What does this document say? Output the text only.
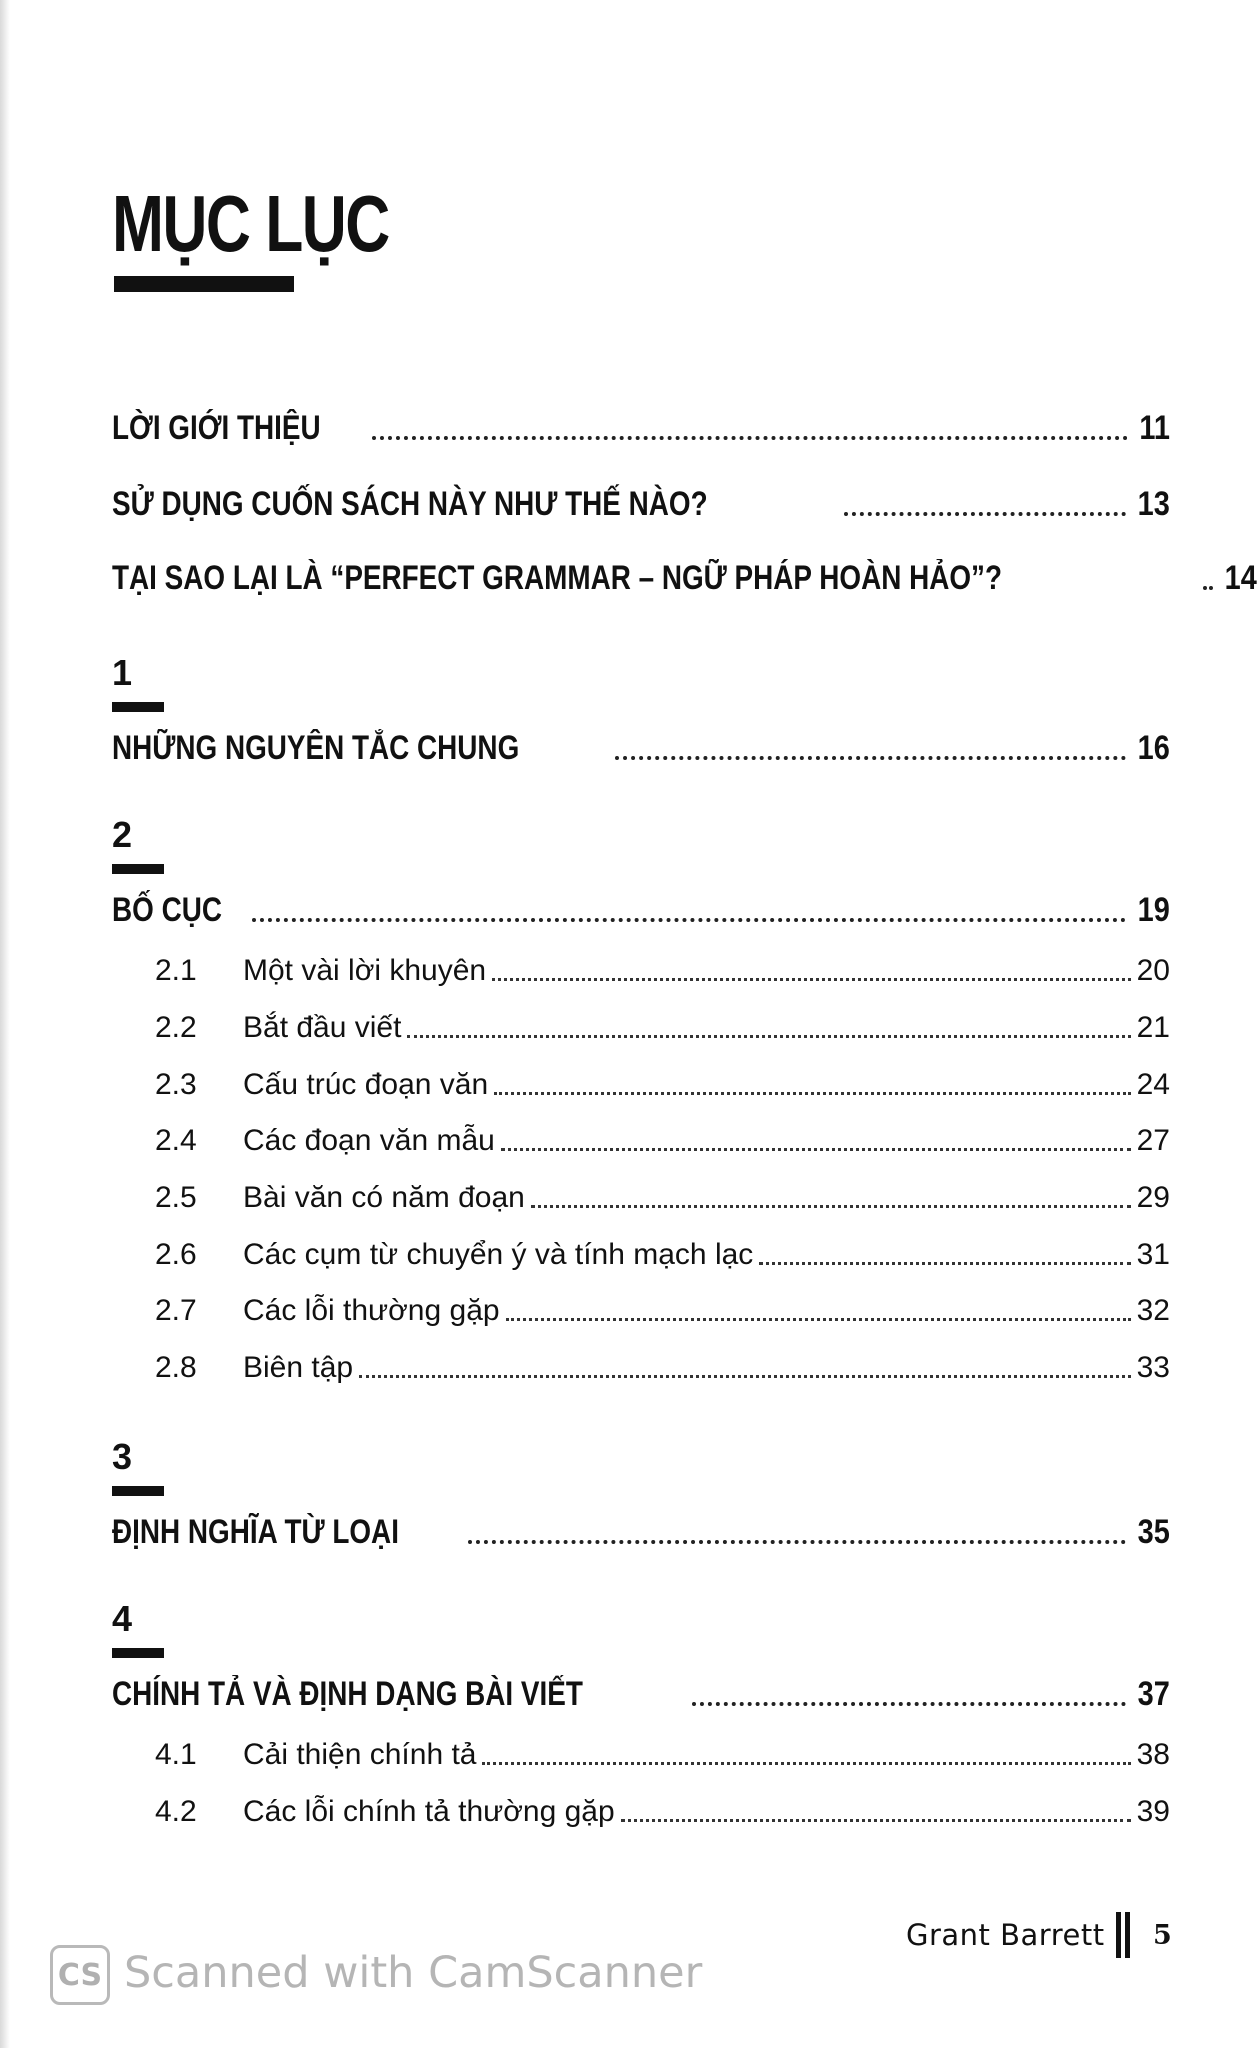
MỤC LỤC
LỜI GIỚI THIỆU	11
SỬ DỤNG CUỐN SÁCH NÀY NHƯ THẾ NÀO?	13
TẠI SAO LẠI LÀ “PERFECT GRAMMAR – NGỮ PHÁP HOÀN HẢO”?	14
1
NHỮNG NGUYÊN TẮC CHUNG	16
2
BỐ CỤC	19
2.1	Một vài lời khuyên	20
2.2	Bắt đầu viết	21
2.3	Cấu trúc đoạn văn	24
2.4	Các đoạn văn mẫu	27
2.5	Bài văn có năm đoạn	29
2.6	Các cụm từ chuyển ý và tính mạch lạc	31
2.7	Các lỗi thường gặp	32
2.8	Biên tập	33
3
ĐỊNH NGHĨA TỪ LOẠI	35
4
CHÍNH TẢ VÀ ĐỊNH DẠNG BÀI VIẾT	37
4.1	Cải thiện chính tả	38
4.2	Các lỗi chính tả thường gặp	39
Grant Barrett 5
CS Scanned with CamScanner
